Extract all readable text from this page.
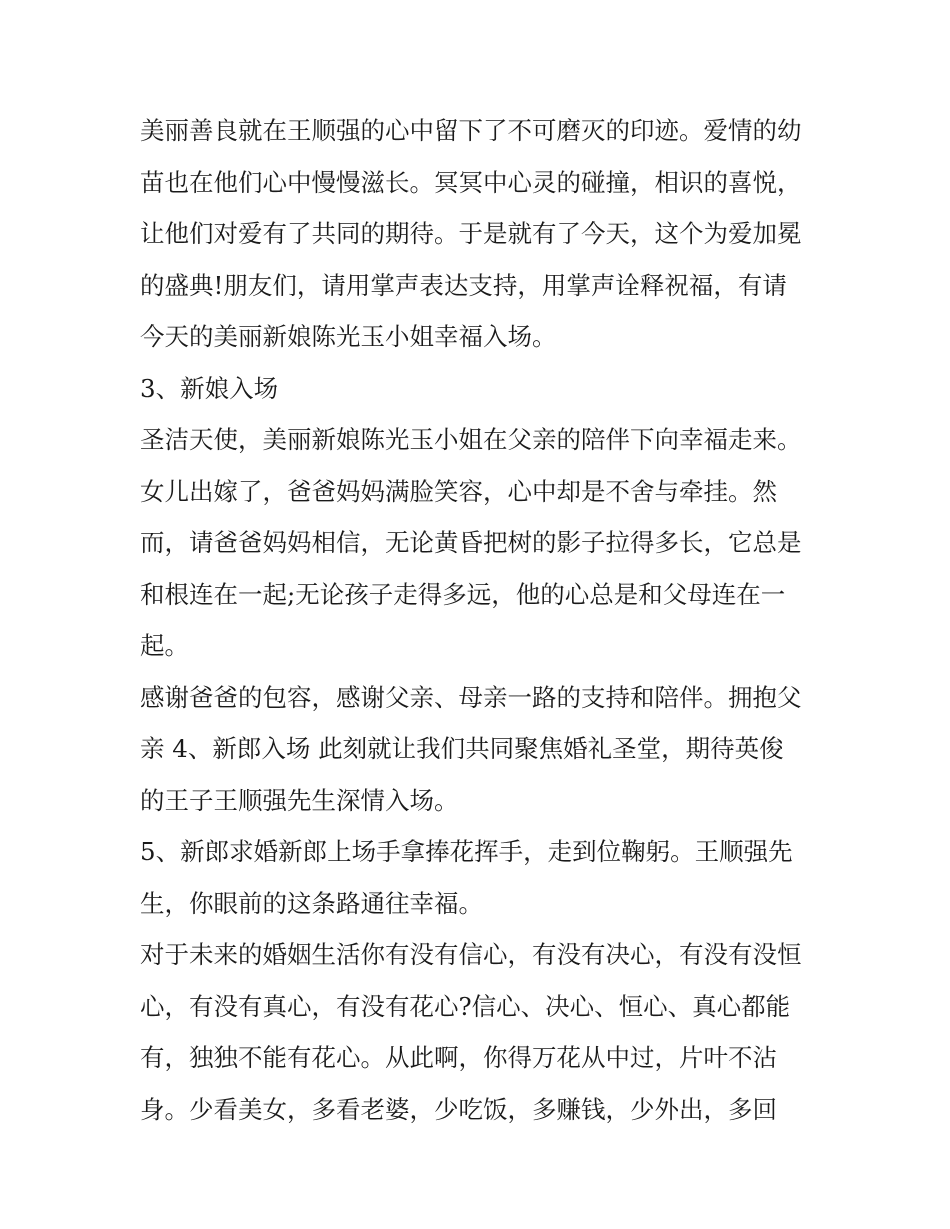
美丽善良就在王顺强的心中留下了不可磨灭的印迹。爱情的幼
苗也在他们心中慢慢滋长。冥冥中心灵的碰撞，相识的喜悦，
让他们对爱有了共同的期待。于是就有了今天，这个为爱加冕
的盛典!朋友们，请用掌声表达支持，用掌声诠释祝福，有请
今天的美丽新娘陈光玉小姐幸福入场。

3、新娘入场

圣洁天使，美丽新娘陈光玉小姐在父亲的陪伴下向幸福走来。
女儿出嫁了，爸爸妈妈满脸笑容，心中却是不舍与牵挂。然
而，请爸爸妈妈相信，无论黄昏把树的影子拉得多长，它总是
和根连在一起;无论孩子走得多远，他的心总是和父母连在一
起。

感谢爸爸的包容，感谢父亲、母亲一路的支持和陪伴。拥抱父
亲 4、新郎入场 此刻就让我们共同聚焦婚礼圣堂，期待英俊
的王子王顺强先生深情入场。

5、新郎求婚新郎上场手拿捧花挥手，走到位鞠躬。王顺强先
生，你眼前的这条路通往幸福。

对于未来的婚姻生活你有没有信心，有没有决心，有没有没恒
心，有没有真心，有没有花心?信心、决心、恒心、真心都能
有，独独不能有花心。从此啊，你得万花从中过，片叶不沾
身。少看美女，多看老婆，少吃饭，多赚钱，少外出，多回
